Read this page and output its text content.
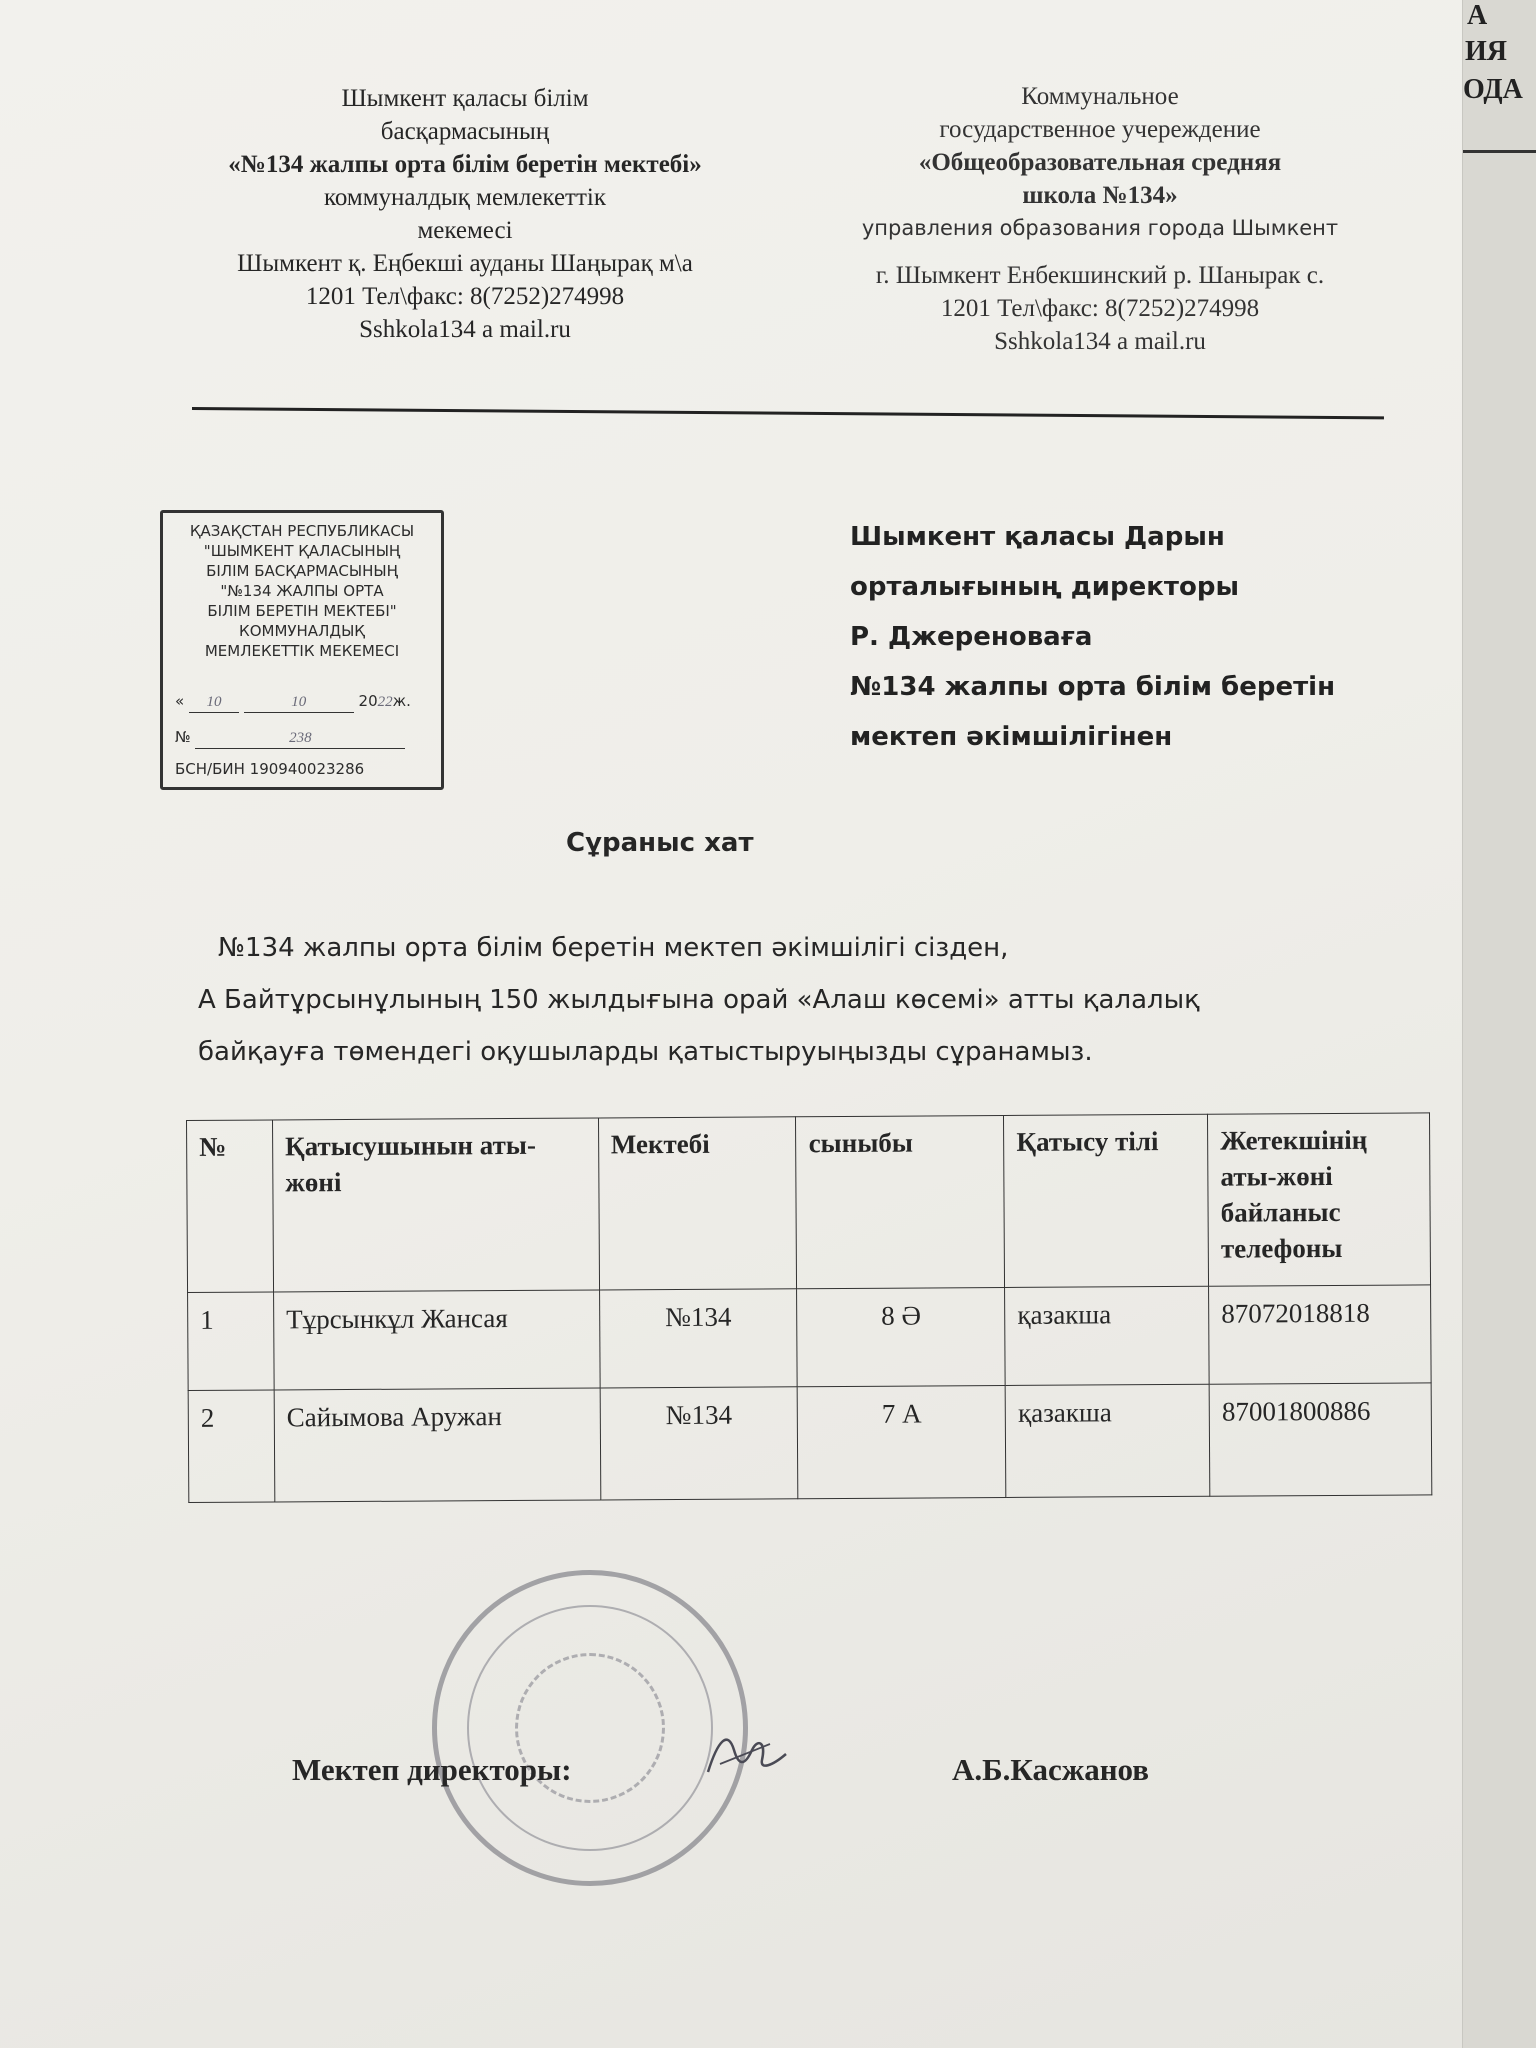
Шымкент қаласы білім
басқармасының
«№134 жалпы орта білім беретін мектебі»
коммуналдық мемлекеттік
мекемесі
Шымкент қ. Еңбекші ауданы Шаңырақ м\а
1201 Тел\факс: 8(7252)274998
Sshkola134 a mail.ru
Коммунальное
государственное учереждение
«Общеобразовательная средняя
школа №134»
управления образования города Шымкент
г. Шымкент Енбекшинский р. Шанырак с.
1201 Тел\факс: 8(7252)274998
Sshkola134 a mail.ru
ҚАЗАҚСТАН РЕСПУБЛИКАСЫ
"ШЫМКЕНТ ҚАЛАСЫНЫҢ
БІЛІМ БАСҚАРМАСЫНЫҢ
"№134 ЖАЛПЫ ОРТА
БІЛІМ БЕРЕТІН МЕКТЕБІ"
КОММУНАЛДЫҚ
МЕМЛЕКЕТТІК МЕКЕМЕСІ
« 10	10	2022ж.
№	238
БСН/БИН 190940023286
Шымкент қаласы Дарын
орталығының директоры
Р. Джереноваға
№134 жалпы орта білім беретін
мектеп әкімшілігінен
Сұраныс хат
№134 жалпы орта білім беретін мектеп әкімшілігі сізден,
А Байтұрсынұлының 150 жылдығына орай «Алаш көсемі» атты қалалық
байқауға төмендегі оқушыларды қатыстыруыңызды сұранамыз.
№	Қатысушынын аты-жөні	Мектебі	сыныбы	Қатысу тілі	Жетекшінің аты-жөні байланыс телефоны
1	Тұрсынкұл Жансая	№134	8 Ә	қазакша	87072018818
2	Сайымова Аружан	№134	7 А	қазакша	87001800886
Мектеп директоры:	А.Б.Касжанов
А
ИЯ
ОДА
